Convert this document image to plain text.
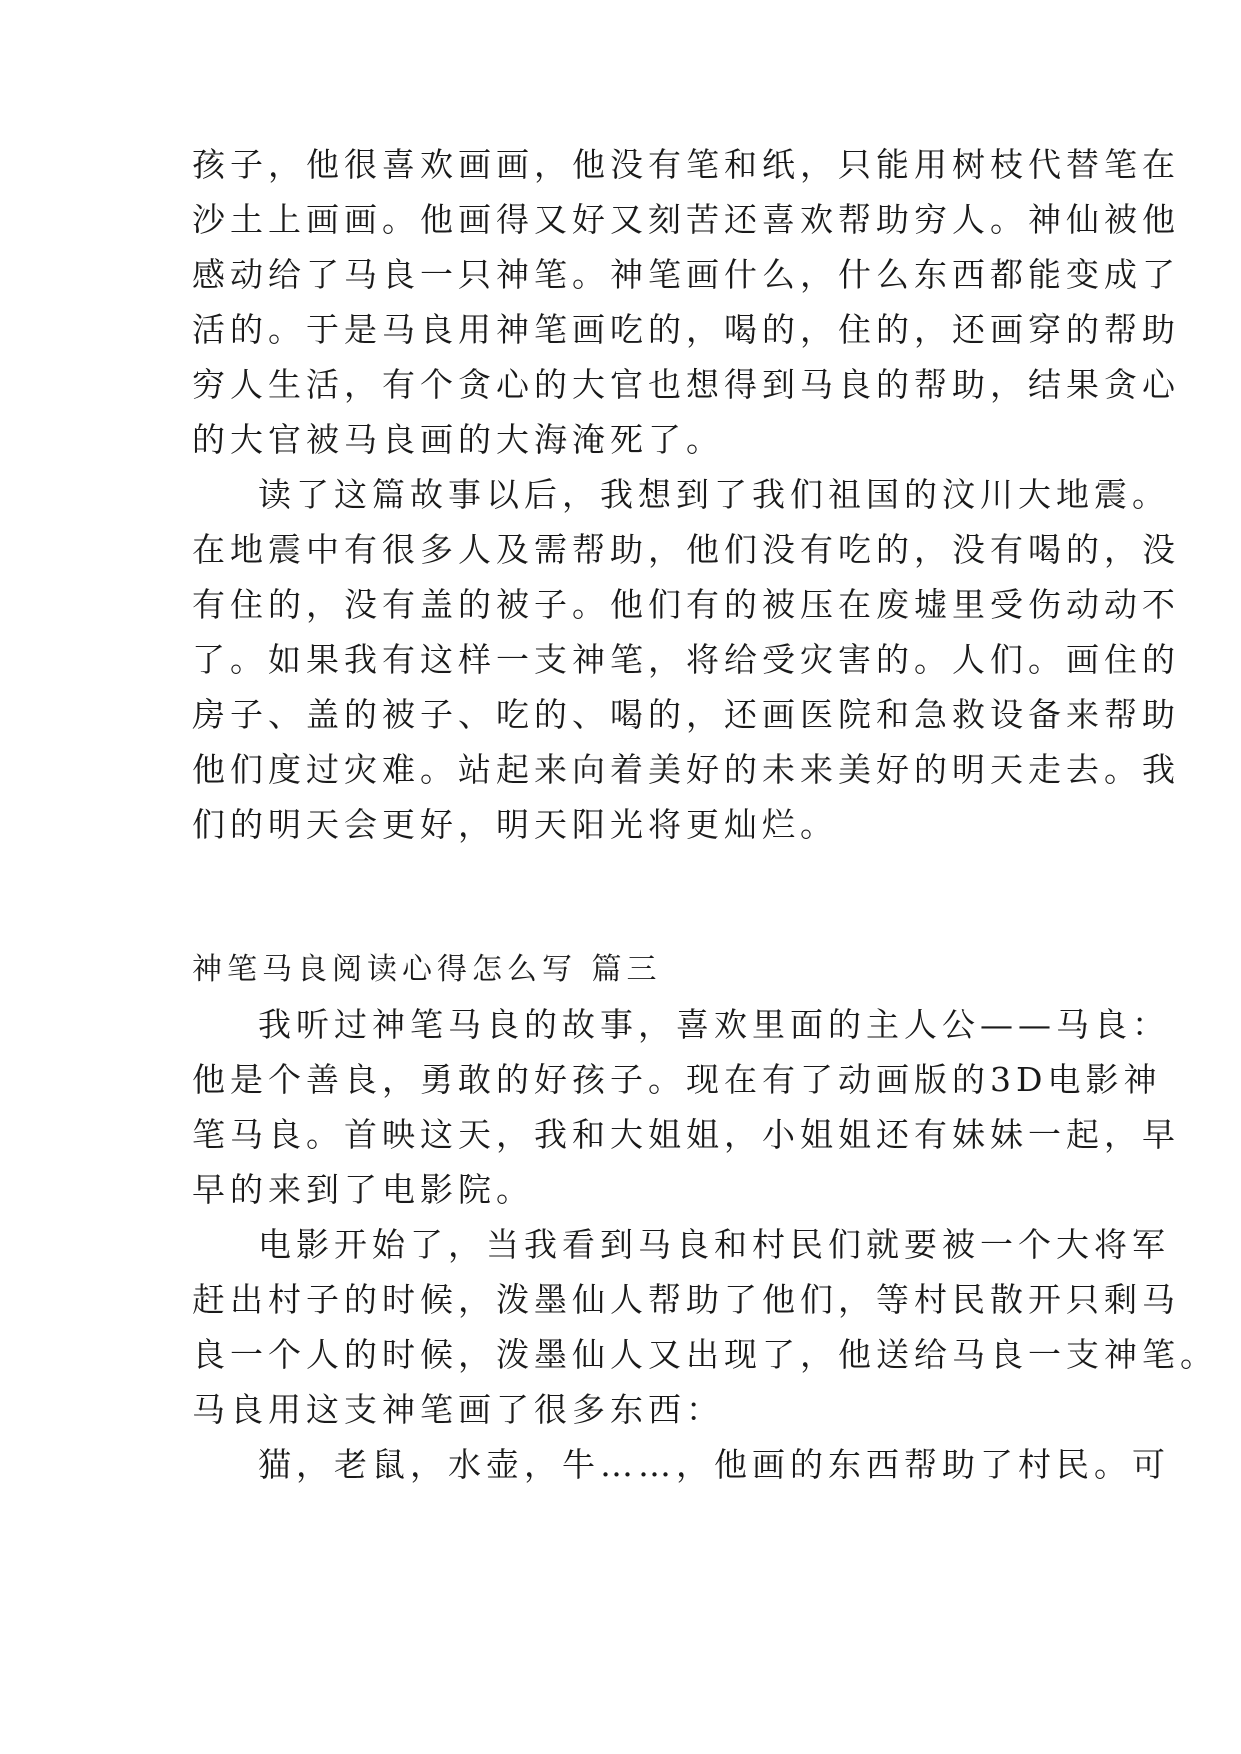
孩子，他很喜欢画画，他没有笔和纸，只能用树枝代替笔在
沙土上画画。他画得又好又刻苦还喜欢帮助穷人。神仙被他
感动给了马良一只神笔。神笔画什么，什么东西都能变成了
活的。于是马良用神笔画吃的，喝的，住的，还画穿的帮助
穷人生活，有个贪心的大官也想得到马良的帮助，结果贪心
的大官被马良画的大海淹死了。
读了这篇故事以后，我想到了我们祖国的汶川大地震。
在地震中有很多人及需帮助，他们没有吃的，没有喝的，没
有住的，没有盖的被子。他们有的被压在废墟里受伤动动不
了。如果我有这样一支神笔，将给受灾害的。人们。画住的
房子、盖的被子、吃的、喝的，还画医院和急救设备来帮助
他们度过灾难。站起来向着美好的未来美好的明天走去。我
们的明天会更好，明天阳光将更灿烂。
神笔马良阅读心得怎么写 篇三
我听过神笔马良的故事，喜欢里面的主人公——马良：
他是个善良，勇敢的好孩子。现在有了动画版的3D电影神
笔马良。首映这天，我和大姐姐，小姐姐还有妹妹一起，早
早的来到了电影院。
电影开始了，当我看到马良和村民们就要被一个大将军
赶出村子的时候，泼墨仙人帮助了他们，等村民散开只剩马
良一个人的时候，泼墨仙人又出现了，他送给马良一支神笔。
马良用这支神笔画了很多东西：
猫，老鼠，水壶，牛……，他画的东西帮助了村民。可
